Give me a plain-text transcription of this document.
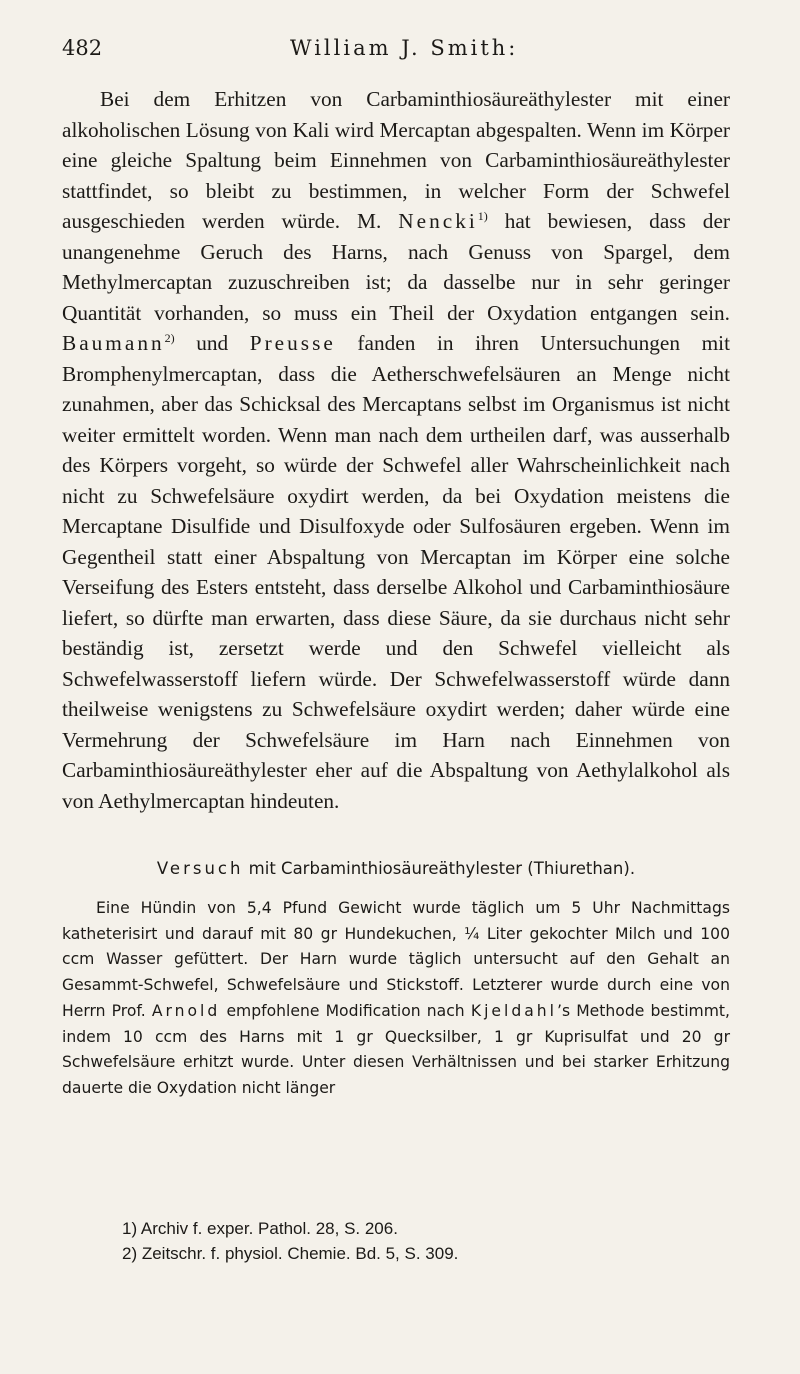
482	William J. Smith:

Bei dem Erhitzen von Carbaminthiosäureäthylester mit einer alkoholischen Lösung von Kali wird Mercaptan abgespalten. Wenn im Körper eine gleiche Spaltung beim Einnehmen von Carbaminthiosäureäthylester stattfindet, so bleibt zu bestimmen, in welcher Form der Schwefel ausgeschieden werden würde. M. Nencki$^{1)}$ hat bewiesen, dass der unangenehme Geruch des Harns, nach Genuss von Spargel, dem Methylmercaptan zuzuschreiben ist; da dasselbe nur in sehr geringer Quantität vorhanden, so muss ein Theil der Oxydation entgangen sein. Baumann$^{2)}$ und Preusse fanden in ihren Untersuchungen mit Bromphenylmercaptan, dass die Aetherschwefelsäuren an Menge nicht zunahmen, aber das Schicksal des Mercaptans selbst im Organismus ist nicht weiter ermittelt worden. Wenn man nach dem urtheilen darf, was ausserhalb des Körpers vorgeht, so würde der Schwefel aller Wahrscheinlichkeit nach nicht zu Schwefelsäure oxydirt werden, da bei Oxydation meistens die Mercaptane Disulfide und Disulfoxyde oder Sulfosäuren ergeben. Wenn im Gegentheil statt einer Abspaltung von Mercaptan im Körper eine solche Verseifung des Esters entsteht, dass derselbe Alkohol und Carbaminthiosäure liefert, so dürfte man erwarten, dass diese Säure, da sie durchaus nicht sehr beständig ist, zersetzt werde und den Schwefel vielleicht als Schwefelwasserstoff liefern würde. Der Schwefelwasserstoff würde dann theilweise wenigstens zu Schwefelsäure oxydirt werden; daher würde eine Vermehrung der Schwefelsäure im Harn nach Einnehmen von Carbaminthiosäureäthylester eher auf die Abspaltung von Aethylalkohol als von Aethylmercaptan hindeuten.

Versuch mit Carbaminthiosäureäthylester (Thiurethan).

Eine Hündin von 5,4 Pfund Gewicht wurde täglich um 5 Uhr Nachmittags katheterisirt und darauf mit 80 gr Hundekuchen, ¼ Liter gekochter Milch und 100 ccm Wasser gefüttert. Der Harn wurde täglich untersucht auf den Gehalt an Gesammt-Schwefel, Schwefelsäure und Stickstoff. Letzterer wurde durch eine von Herrn Prof. Arnold empfohlene Modification nach Kjeldahl’s Methode bestimmt, indem 10 ccm des Harns mit 1 gr Quecksilber, 1 gr Kuprisulfat und 20 gr Schwefelsäure erhitzt wurde. Unter diesen Verhältnissen und bei starker Erhitzung dauerte die Oxydation nicht länger

1) Archiv f. exper. Pathol. 28, S. 206.

2) Zeitschr. f. physiol. Chemie. Bd. 5, S. 309.
